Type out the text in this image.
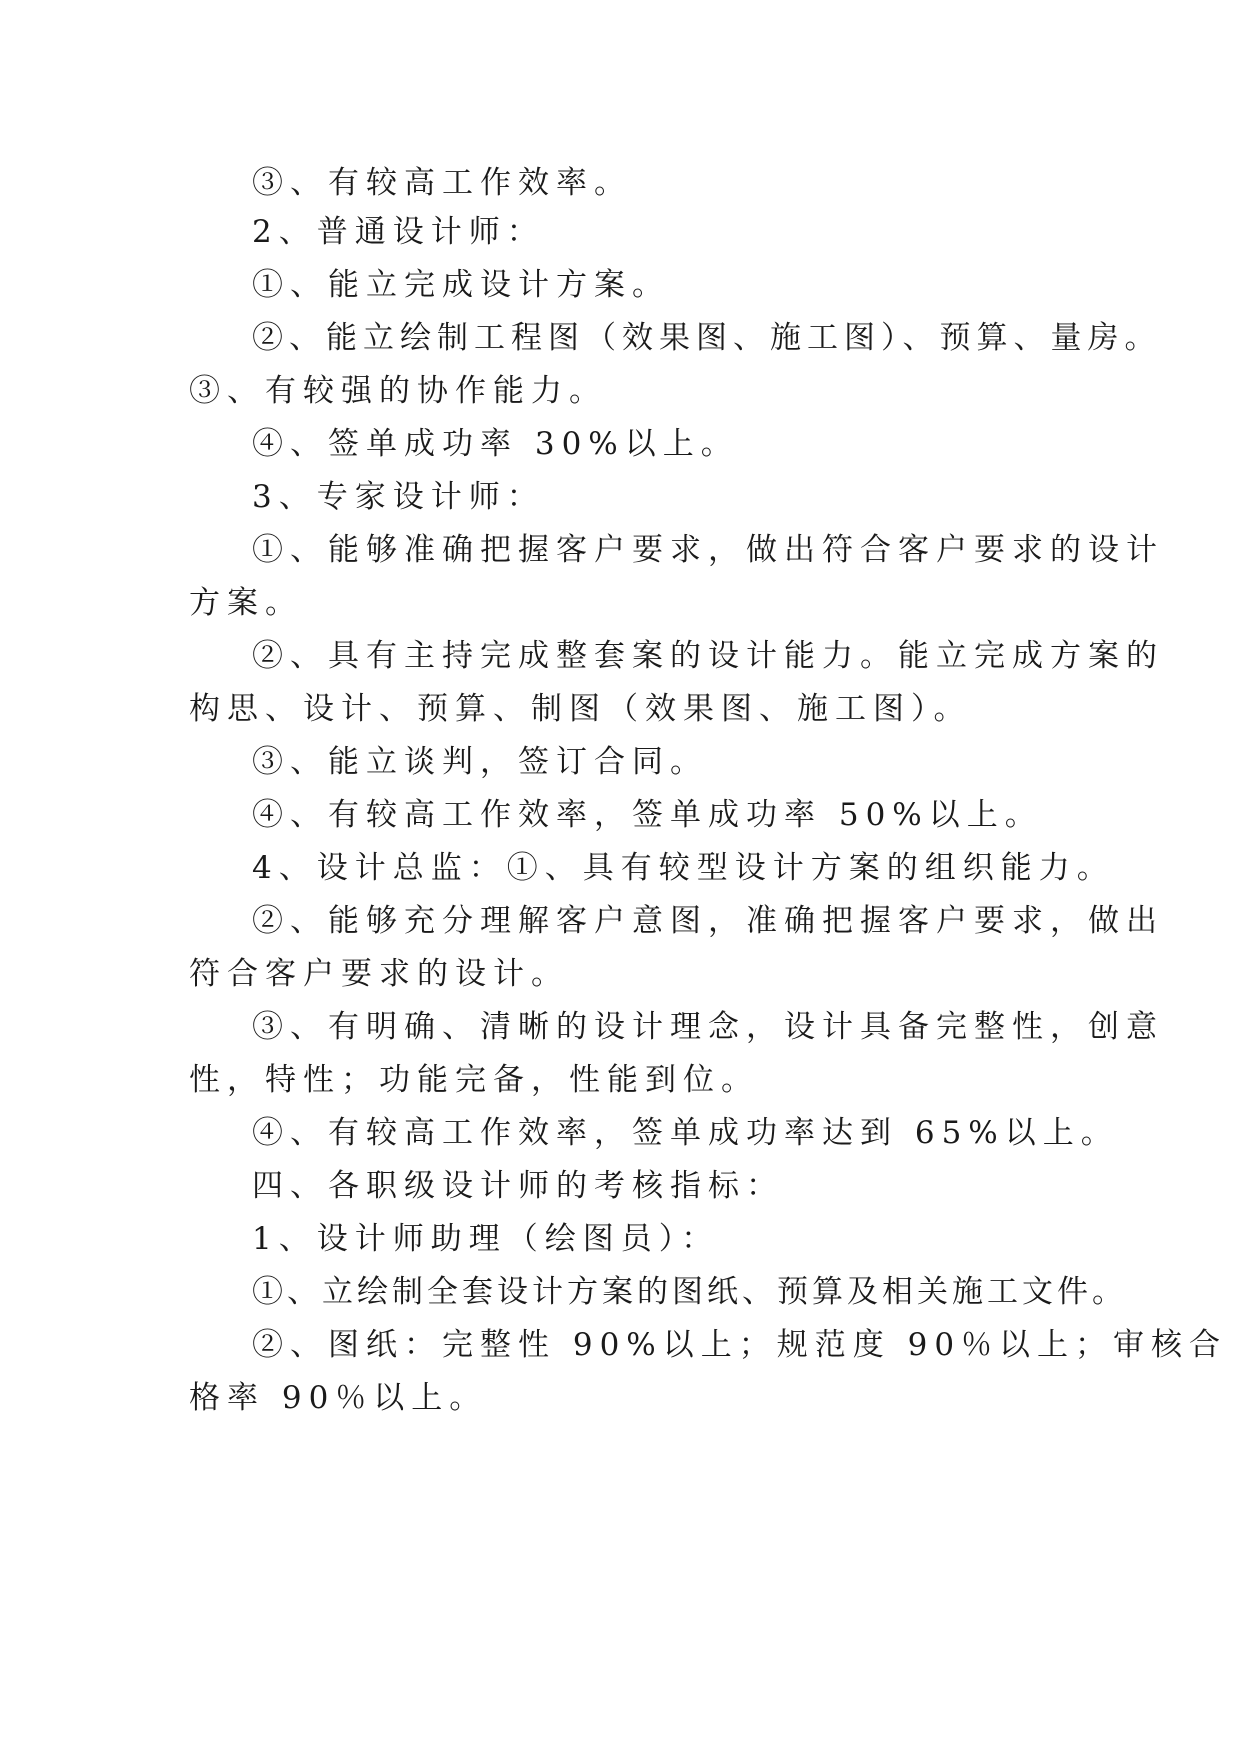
③、有较高工作效率。
2、普通设计师：
①、能立完成设计方案。
②、能立绘制工程图（效果图、施工图）、预算、量房。
③、有较强的协作能力。
④、签单成功率 30%以上。
3、专家设计师：
①、能够准确把握客户要求，做出符合客户要求的设计
方案。
②、具有主持完成整套案的设计能力。能立完成方案的
构思、设计、预算、制图（效果图、施工图）。
③、能立谈判，签订合同。
④、有较高工作效率，签单成功率 50%以上。
4、设计总监：①、具有较型设计方案的组织能力。
②、能够充分理解客户意图，准确把握客户要求，做出
符合客户要求的设计。
③、有明确、清晰的设计理念，设计具备完整性，创意
性，特性；功能完备，性能到位。
④、有较高工作效率，签单成功率达到 65%以上。
四、各职级设计师的考核指标：
1、设计师助理（绘图员）：
①、立绘制全套设计方案的图纸、预算及相关施工文件。
②、图纸：完整性 90%以上；规范度 90％以上；审核合
格率 90％以上。
